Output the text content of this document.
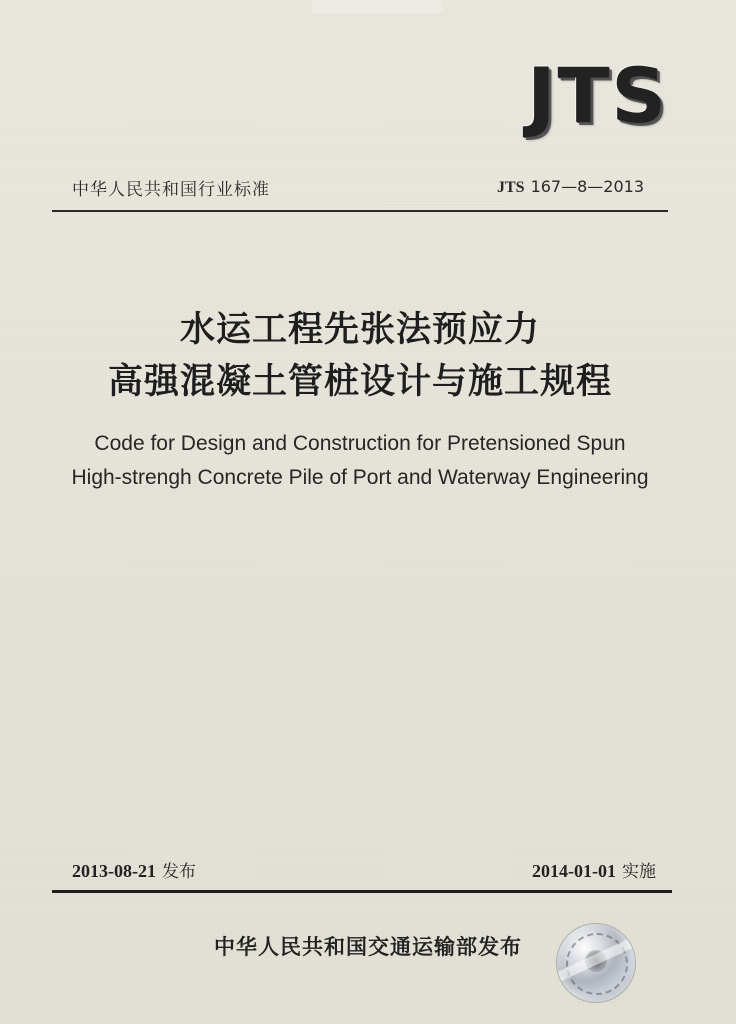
JTS
中华人民共和国行业标准	JTS 167—8—2013
水运工程先张法预应力
高强混凝土管桩设计与施工规程
Code for Design and Construction for Pretensioned Spun
High-strengh Concrete Pile of Port and Waterway Engineering
2013-08-21 发布	2014-01-01 实施
中华人民共和国交通运输部发布
